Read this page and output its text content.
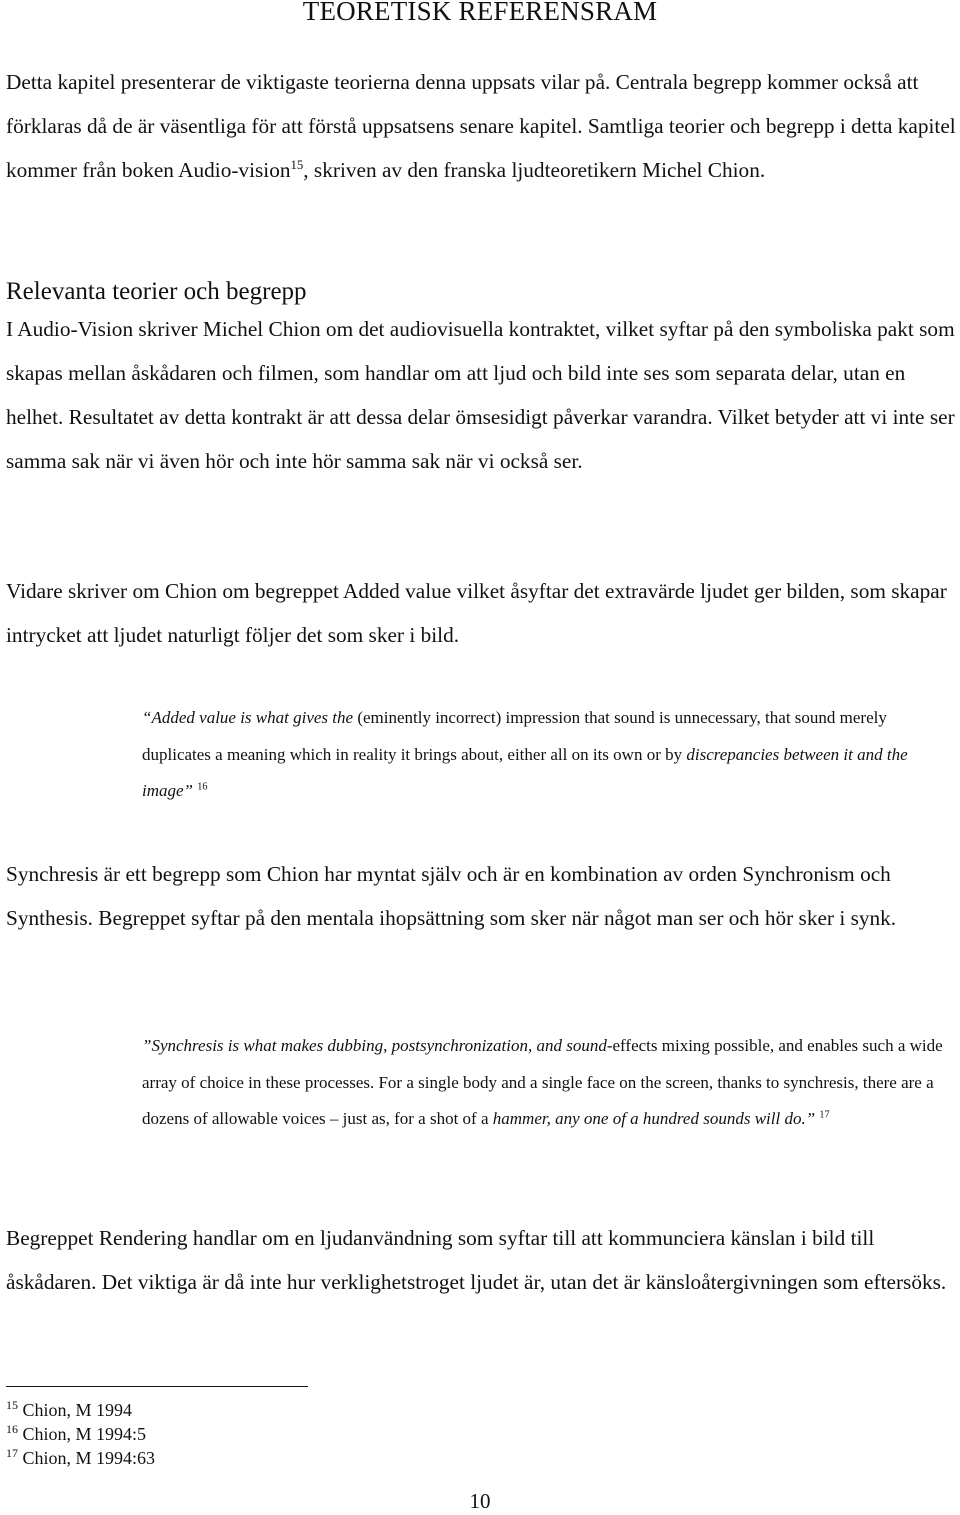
TEORETISK REFERENSRAM

Detta kapitel presenterar de viktigaste teorierna denna uppsats vilar på. Centrala begrepp kommer också att förklaras då de är väsentliga för att förstå uppsatsens senare kapitel. Samtliga teorier och begrepp i detta kapitel kommer från boken Audio-vision$^{15}$, skriven av den franska ljudteoretikern Michel Chion.

Relevanta teorier och begrepp

I Audio-Vision skriver Michel Chion om det audiovisuella kontraktet, vilket syftar på den symboliska pakt som skapas mellan åskådaren och filmen, som handlar om att ljud och bild inte ses som separata delar, utan en helhet. Resultatet av detta kontrakt är att dessa delar ömsesidigt påverkar varandra. Vilket betyder att vi inte ser samma sak när vi även hör och inte hör samma sak när vi också ser.

Vidare skriver om Chion om begreppet Added value vilket åsyftar det extravärde ljudet ger bilden, som skapar intrycket att ljudet naturligt följer det som sker i bild.

“Added value is what gives the (eminently incorrect) impression that sound is unnecessary, that sound merely duplicates a meaning which in reality it brings about, either all on its own or by discrepancies between it and the image” $^{16}$

Synchresis är ett begrepp som Chion har myntat själv och är en kombination av orden Synchronism och Synthesis. Begreppet syftar på den mentala ihopsättning som sker när något man ser och hör sker i synk.

”Synchresis is what makes dubbing, postsynchronization, and sound-effects mixing possible, and enables such a wide array of choice in these processes. For a single body and a single face on the screen, thanks to synchresis, there are a dozens of allowable voices – just as, for a shot of a hammer, any one of a hundred sounds will do.” $^{17}$

Begreppet Rendering handlar om en ljudanvändning som syftar till att kommunciera känslan i bild till åskådaren. Det viktiga är då inte hur verklighetstroget ljudet är, utan det är känsloåtergivningen som eftersöks.

$^{15}$ Chion, M 1994
$^{16}$ Chion, M 1994:5
$^{17}$ Chion, M 1994:63
10
